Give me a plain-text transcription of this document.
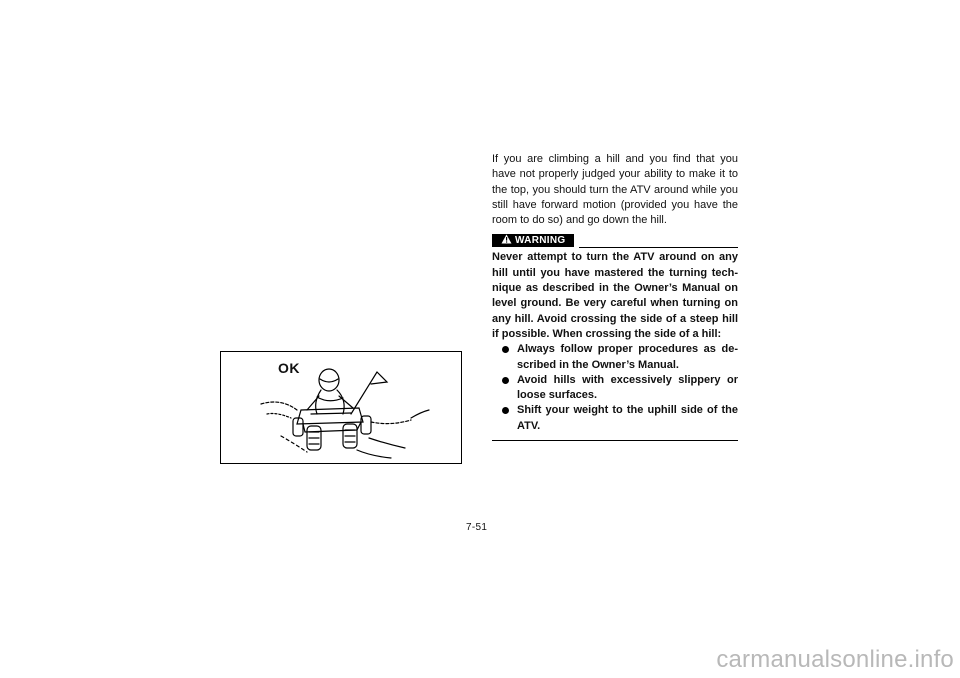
OK

If you are climbing a hill and you find that you have not properly judged your ability to make it to the top, you should turn the ATV around while you still have forward motion (provided you have the room to do so) and go down the hill.

WARNING

Never attempt to turn the ATV around on any hill until you have mastered the turning tech-nique as described in the Owner’s Manual on level ground. Be very careful when turning on any hill. Avoid crossing the side of a steep hill if possible. When crossing the side of a hill:

Always follow proper procedures as de-scribed in the Owner’s Manual.
Avoid hills with excessively slippery or loose surfaces.
Shift your weight to the uphill side of the ATV.
7-51
carmanualsonline.info
